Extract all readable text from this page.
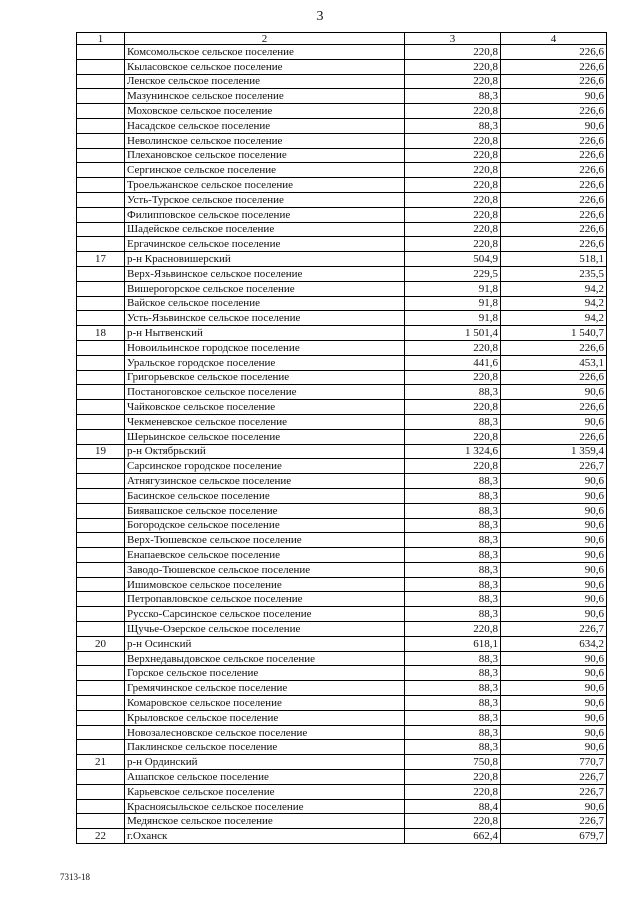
3
1	2	3	4
	Комсомольское сельское поселение	220,8	226,6
	Кыласовское сельское поселение	220,8	226,6
	Ленское сельское поселение	220,8	226,6
	Мазунинское сельское поселение	88,3	90,6
	Моховское сельское поселение	220,8	226,6
	Насадское сельское поселение	88,3	90,6
	Неволинское сельское поселение	220,8	226,6
	Плехановское сельское поселение	220,8	226,6
	Сергинское сельское поселение	220,8	226,6
	Троельжанское сельское поселение	220,8	226,6
	Усть-Турское сельское поселение	220,8	226,6
	Филипповское сельское поселение	220,8	226,6
	Шадейское сельское поселение	220,8	226,6
	Ергачинское сельское поселение	220,8	226,6
17	р-н Красновишерский	504,9	518,1
	Верх-Язьвинское сельское поселение	229,5	235,5
	Вишерогорское сельское поселение	91,8	94,2
	Вайское сельское поселение	91,8	94,2
	Усть-Язьвинское сельское поселение	91,8	94,2
18	р-н Нытвенский	1 501,4	1 540,7
	Новоильинское городское поселение	220,8	226,6
	Уральское городское поселение	441,6	453,1
	Григорьевское сельское поселение	220,8	226,6
	Постаноговское сельское поселение	88,3	90,6
	Чайковское сельское поселение	220,8	226,6
	Чекменевское сельское поселение	88,3	90,6
	Шерьинское сельское поселение	220,8	226,6
19	р-н Октябрьский	1 324,6	1 359,4
	Сарсинское городское поселение	220,8	226,7
	Атнягузинское сельское поселение	88,3	90,6
	Басинское сельское поселение	88,3	90,6
	Биявашское сельское поселение	88,3	90,6
	Богородское сельское поселение	88,3	90,6
	Верх-Тюшевское сельское поселение	88,3	90,6
	Енапаевское сельское поселение	88,3	90,6
	Заводо-Тюшевское сельское поселение	88,3	90,6
	Ишимовское сельское поселение	88,3	90,6
	Петропавловское сельское поселение	88,3	90,6
	Русско-Сарсинское сельское поселение	88,3	90,6
	Щучье-Озерское сельское поселение	220,8	226,7
20	р-н Осинский	618,1	634,2
	Верхнедавыдовское сельское поселение	88,3	90,6
	Горское сельское поселение	88,3	90,6
	Гремячинское сельское поселение	88,3	90,6
	Комаровское сельское поселение	88,3	90,6
	Крыловское сельское поселение	88,3	90,6
	Новозалесновское сельское поселение	88,3	90,6
	Паклинское сельское поселение	88,3	90,6
21	р-н Ординский	750,8	770,7
	Ашапское сельское поселение	220,8	226,7
	Карьевское сельское поселение	220,8	226,7
	Красноясыльское сельское поселение	88,4	90,6
	Медянское сельское поселение	220,8	226,7
22	г.Оханск	662,4	679,7
7313-18
